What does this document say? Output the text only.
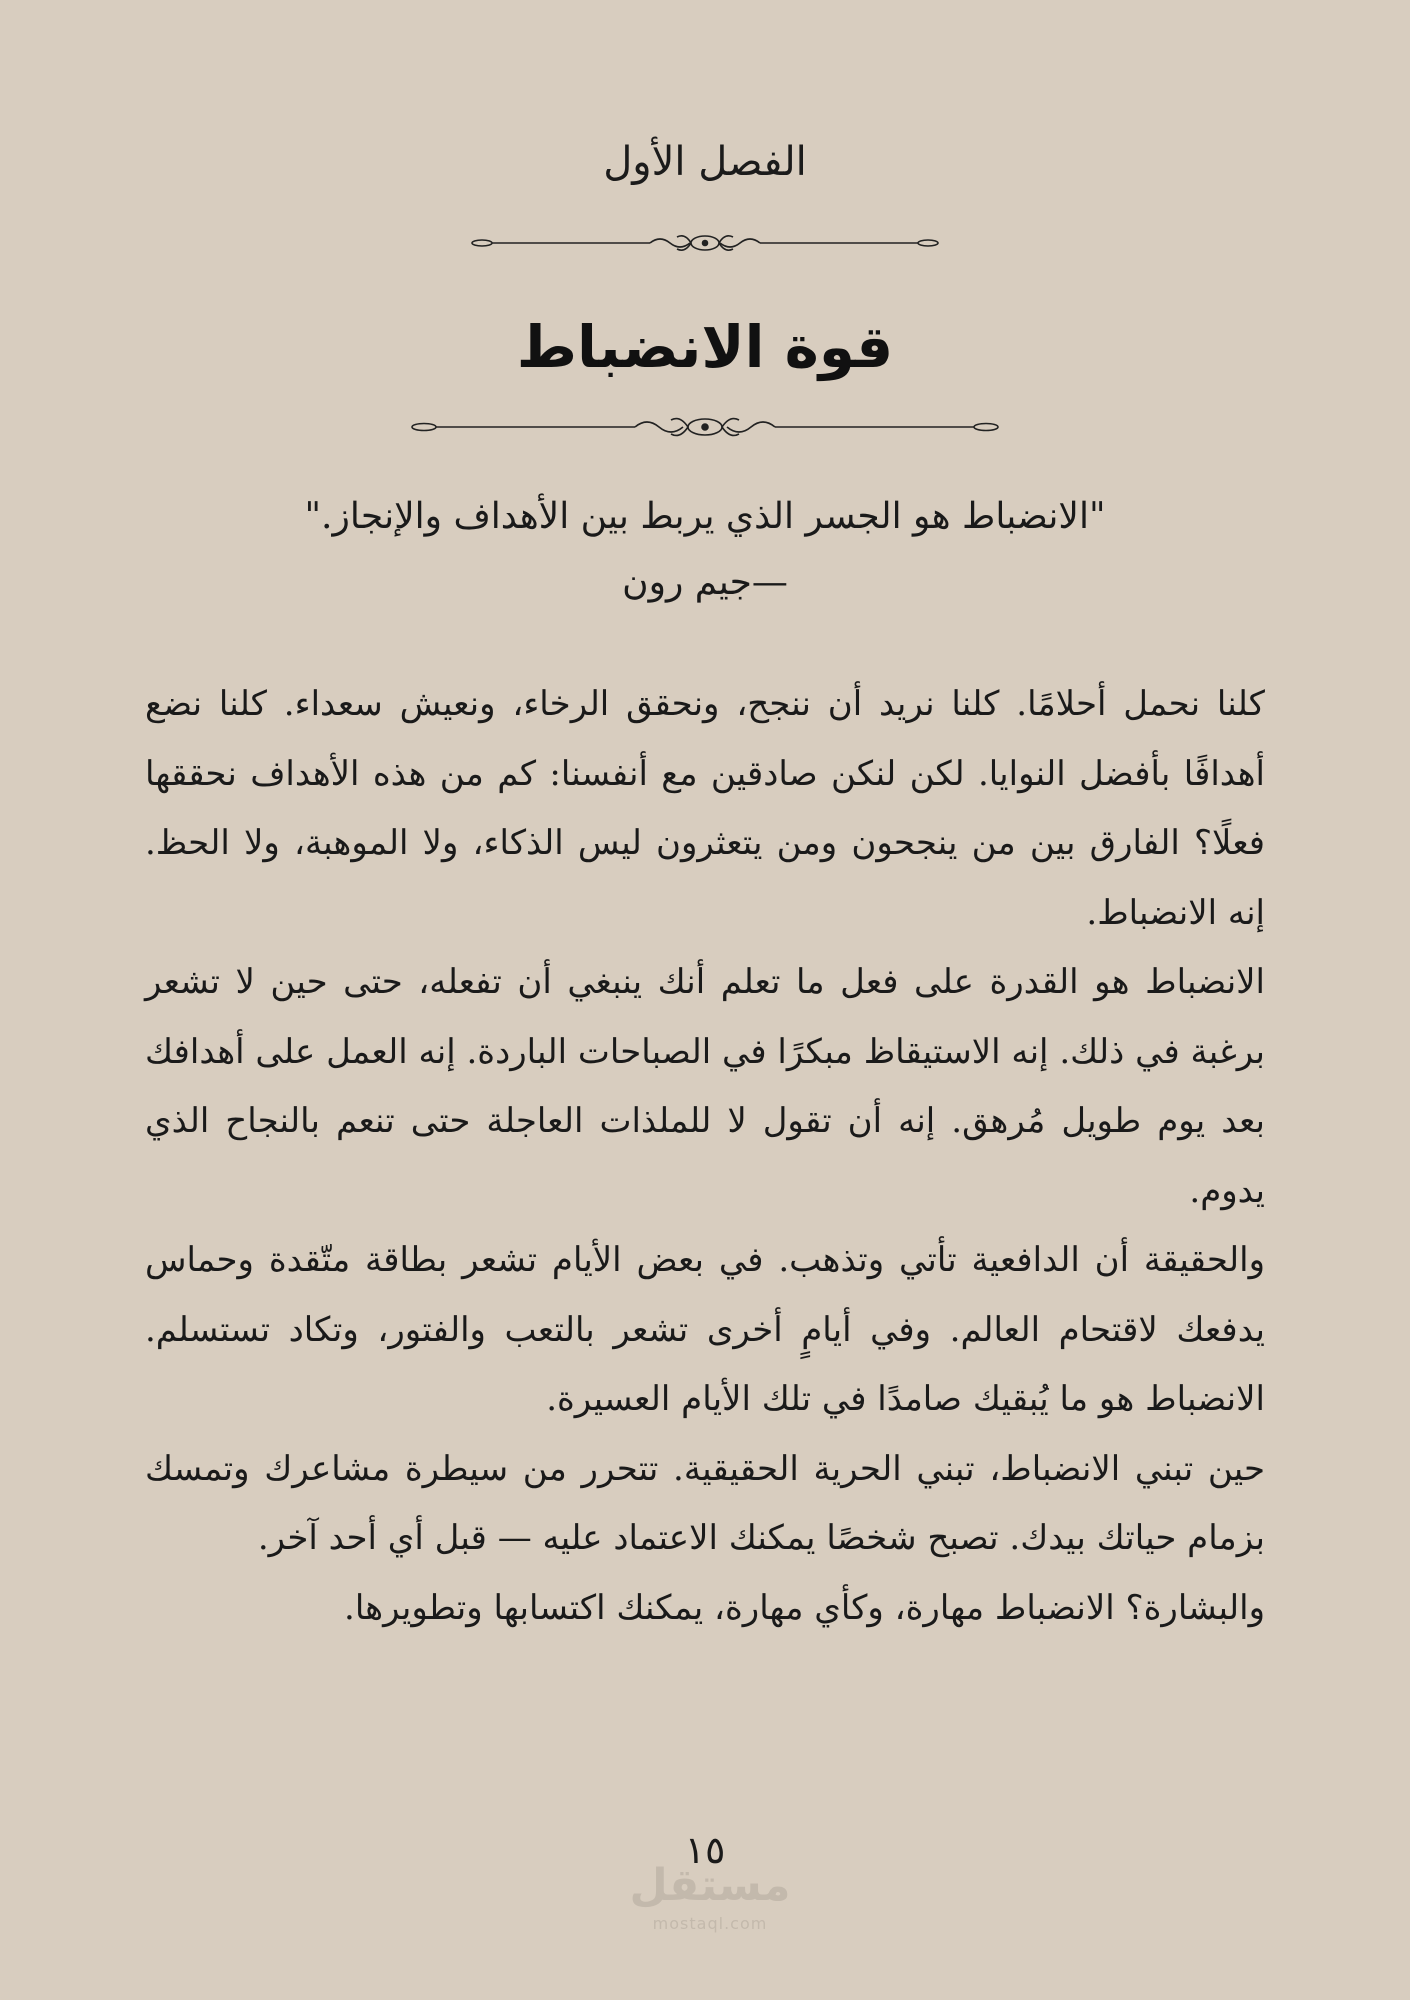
الفصل الأول
قوة الانضباط
"الانضباط هو الجسر الذي يربط بين الأهداف والإنجاز."
—جيم رون

كلنا نحمل أحلامًا. كلنا نريد أن ننجح، ونحقق الرخاء، ونعيش سعداء. كلنا نضع أهدافًا بأفضل النوايا. لكن لنكن صادقين مع أنفسنا: كم من هذه الأهداف نحققها فعلًا؟ الفارق بين من ينجحون ومن يتعثرون ليس الذكاء، ولا الموهبة، ولا الحظ. إنه الانضباط.

الانضباط هو القدرة على فعل ما تعلم أنك ينبغي أن تفعله، حتى حين لا تشعر برغبة في ذلك. إنه الاستيقاظ مبكرًا في الصباحات الباردة. إنه العمل على أهدافك بعد يوم طويل مُرهق. إنه أن تقول لا للملذات العاجلة حتى تنعم بالنجاح الذي يدوم.

والحقيقة أن الدافعية تأتي وتذهب. في بعض الأيام تشعر بطاقة متّقدة وحماس يدفعك لاقتحام العالم. وفي أيامٍ أخرى تشعر بالتعب والفتور، وتكاد تستسلم. الانضباط هو ما يُبقيك صامدًا في تلك الأيام العسيرة.

حين تبني الانضباط، تبني الحرية الحقيقية. تتحرر من سيطرة مشاعرك وتمسك بزمام حياتك بيدك. تصبح شخصًا يمكنك الاعتماد عليه — قبل أي أحد آخر.

والبشارة؟ الانضباط مهارة، وكأي مهارة، يمكنك اكتسابها وتطويرها.

١٥
مستقل
mostaql.com
